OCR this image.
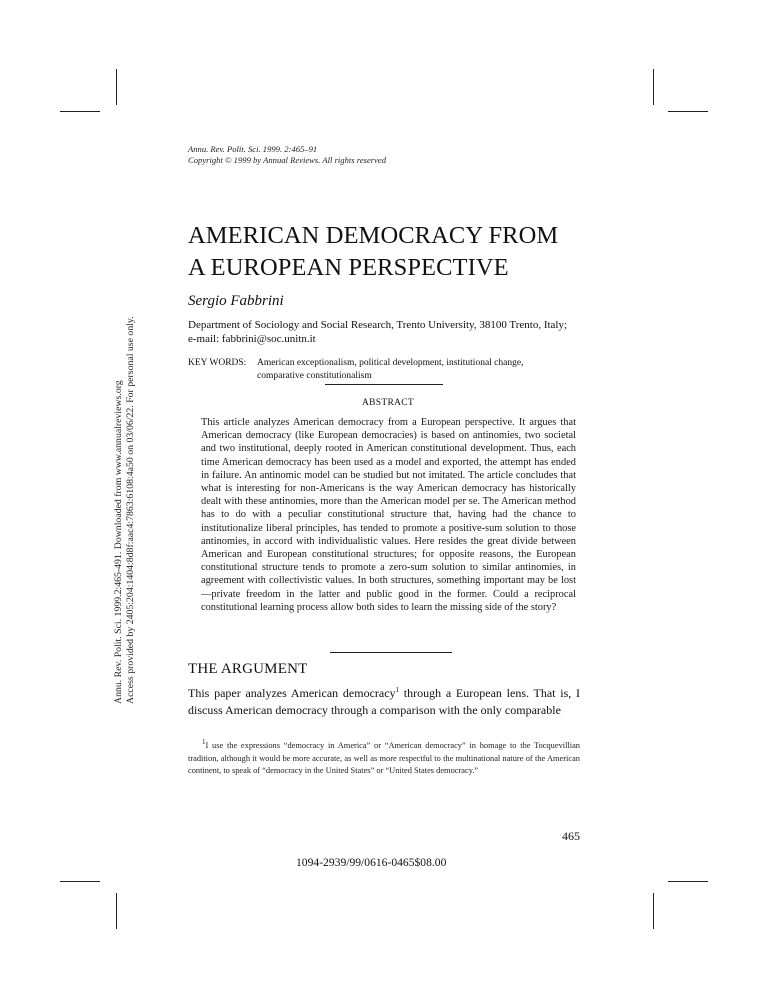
Annu. Rev. Polit. Sci. 1999.2:465-491. Downloaded from www.annualreviews.org Access provided by 2405:204:1404:8d8f:aac4:7863:6108:4a50 on 03/06/22. For personal use only.
Annu. Rev. Polit. Sci. 1999. 2:465–91
Copyright © 1999 by Annual Reviews. All rights reserved
AMERICAN DEMOCRACY FROM
A EUROPEAN PERSPECTIVE
Sergio Fabbrini
Department of Sociology and Social Research, Trento University, 38100 Trento, Italy;
e-mail: fabbrini@soc.unitn.it
KEY WORDS: American exceptionalism, political development, institutional change,
comparative constitutionalism
ABSTRACT
This article analyzes American democracy from a European perspective. It argues that American democracy (like European democracies) is based on antinomies, two societal and two institutional, deeply rooted in American constitutional development. Thus, each time American democracy has been used as a model and exported, the attempt has ended in failure. An antinomic model can be studied but not imitated. The article concludes that what is interesting for non-Americans is the way American democracy has historically dealt with these antinomies, more than the American model per se. The American method has to do with a peculiar constitutional structure that, having had the chance to institutionalize liberal principles, has tended to promote a positive-sum solution to those antinomies, in accord with individualistic values. Here resides the great divide between American and European constitutional structures; for opposite reasons, the European constitutional structure tends to promote a zero-sum solution to similar antinomies, in agreement with collectivistic values. In both structures, something important may be lost—private freedom in the latter and public good in the former. Could a reciprocal constitutional learning process allow both sides to learn the missing side of the story?
THE ARGUMENT
This paper analyzes American democracy$^1$ through a European lens. That is, I discuss American democracy through a comparison with the only comparable
$^1$I use the expressions “democracy in America” or “American democracy” in homage to the Tocquevillian tradition, although it would be more accurate, as well as more respectful to the multinational nature of the American continent, to speak of “democracy in the United States” or “United States democracy.”
465
1094-2939/99/0616-0465$08.00
